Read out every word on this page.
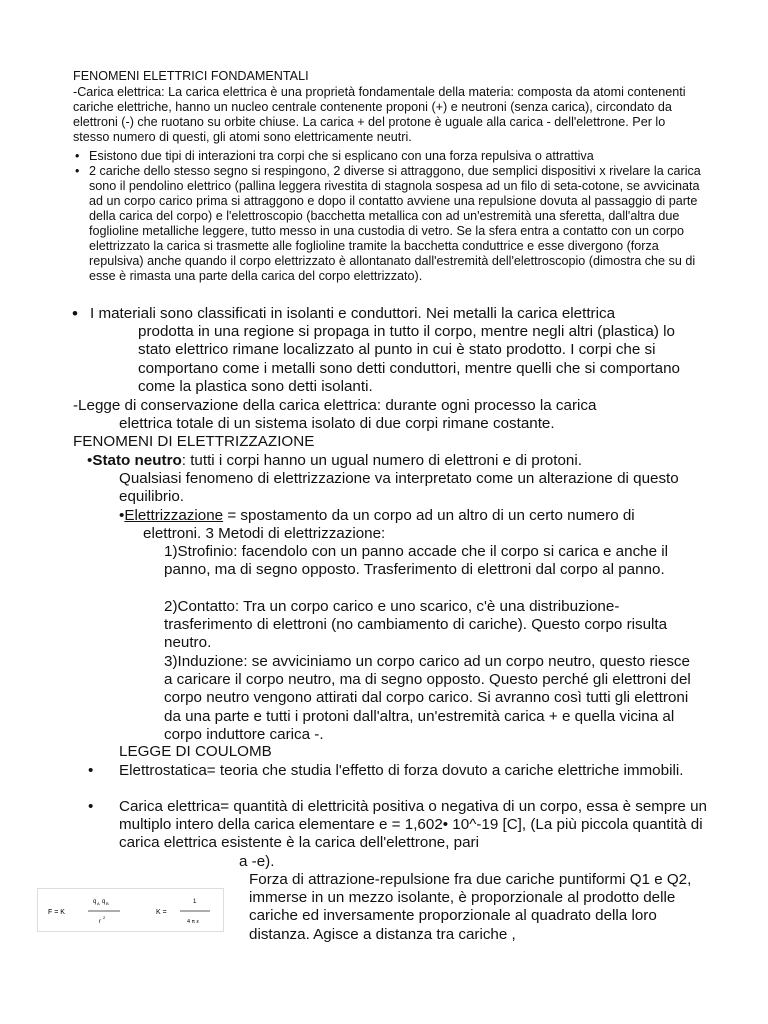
FENOMENI ELETTRICI FONDAMENTALI
-Carica elettrica: La carica elettrica è una proprietà fondamentale della materia: composta da atomi contenenti cariche elettriche, hanno un nucleo centrale contenente proponi (+) e neutroni (senza carica), circondato da elettroni (-) che ruotano su orbite chiuse. La carica + del protone è uguale alla carica - dell'elettrone. Per lo stesso numero di questi, gli atomi sono elettricamente neutri.
• Esistono due tipi di interazioni tra corpi che si esplicano con una forza repulsiva o attrattiva
• 2 cariche dello stesso segno si respingono, 2 diverse si attraggono, due semplici dispositivi x rivelare la carica sono il pendolino elettrico (pallina leggera rivestita di stagnola sospesa ad un filo di seta-cotone, se avvicinata ad un corpo carico prima si attraggono e dopo il contatto avviene una repulsione dovuta al passaggio di parte della carica del corpo) e l'elettroscopio (bacchetta metallica con ad un'estremità una sferetta, dall'altra due foglioline metalliche leggere, tutto messo in una custodia di vetro. Se la sfera entra a contatto con un corpo elettrizzato la carica si trasmette alle foglioline tramite la bacchetta conduttrice e esse divergono (forza repulsiva) anche quando il corpo elettrizzato è allontanato dall'estremità dell'elettroscopio (dimostra che su di esse è rimasta una parte della carica del corpo elettrizzato).
• I materiali sono classificati in isolanti e conduttori. Nei metalli la carica elettrica
prodotta in una regione si propaga in tutto il corpo, mentre negli altri (plastica) lo stato elettrico rimane localizzato al punto in cui è stato prodotto. I corpi che si comportano come i metalli sono detti conduttori, mentre quelli che si comportano come la plastica sono detti isolanti.
-Legge di conservazione della carica elettrica: durante ogni processo la carica
elettrica totale di un sistema isolato di due corpi rimane costante.
FENOMENI DI ELETTRIZZAZIONE
•Stato neutro: tutti i corpi hanno un ugual numero di elettroni e di protoni.
Qualsiasi fenomeno di elettrizzazione va interpretato come un alterazione di questo equilibrio.
•Elettrizzazione = spostamento da un corpo ad un altro di un certo numero di
elettroni. 3 Metodi di elettrizzazione:
1)Strofinio: facendolo con un panno accade che il corpo si carica e anche il panno, ma di segno opposto. Trasferimento di elettroni dal corpo al panno.
2)Contatto: Tra un corpo carico e uno scarico, c'è una distribuzione-trasferimento di elettroni (no cambiamento di cariche). Questo corpo risulta neutro.
3)Induzione: se avviciniamo un corpo carico ad un corpo neutro, questo riesce a caricare il corpo neutro, ma di segno opposto. Questo perché gli elettroni del corpo neutro vengono attirati dal corpo carico. Si avranno così tutti gli elettroni da una parte e tutti i protoni dall'altra, un'estremità carica + e quella vicina al corpo induttore carica -.
LEGGE DI COULOMB
• Elettrostatica= teoria che studia l'effetto di forza dovuto a cariche elettriche immobili.
• Carica elettrica= quantità di elettricità positiva o negativa di un corpo, essa è sempre un multiplo intero della carica elementare e = 1,602• 10^-19 [C], (La più piccola quantità di carica elettrica esistente è la carica dell'elettrone, pari
a -e).
F = K
q A q B
r
2
K =
1
4 π ε
Forza di attrazione-repulsione fra due cariche puntiformi Q1 e Q2, immerse in un mezzo isolante, è proporzionale al prodotto delle cariche ed inversamente proporzionale al quadrato della loro distanza. Agisce a distanza tra cariche ,
